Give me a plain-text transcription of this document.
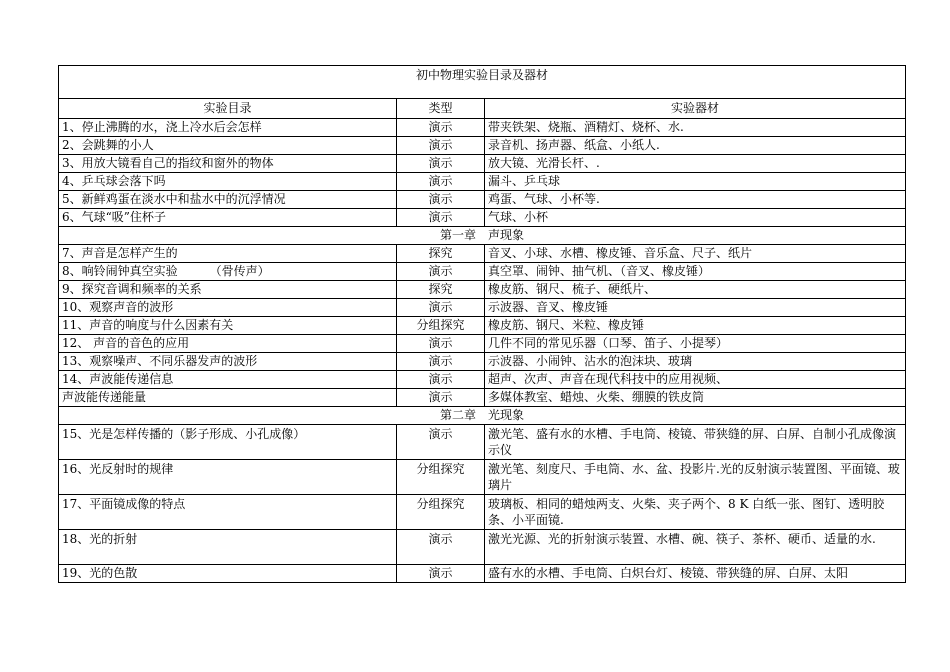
初中物理实验目录及器材		
实验目录	类型	实验器材
1、停止沸腾的水，浇上冷水后会怎样	演示	带夹铁架、烧瓶、酒精灯、烧杯、水.
2、会跳舞的小人	演示	录音机、扬声器、纸盒、小纸人.
3、用放大镜看自己的指纹和窗外的物体	演示	放大镜、光滑长杆、.
4、乒乓球会落下吗	演示	漏斗、乒乓球
5、新鲜鸡蛋在淡水中和盐水中的沉浮情况	演示	鸡蛋、气球、小杯等.
6、气球“吸”住杯子	演示	气球、小杯
第一章　声现象		
7、声音是怎样产生的	探究	音叉、小球、水槽、橡皮锤、音乐盒、尺子、纸片
8、响铃闹钟真空实验 （骨传声）	演示	真空罩、闹钟、抽气机、（音叉、橡皮锤）
9、探究音调和频率的关系	探究	橡皮筋、钢尺、梳子、硬纸片、
10、观察声音的波形	演示	示波器、音叉、橡皮锤
11、声音的响度与什么因素有关	分组探究	橡皮筋、钢尺、米粒、橡皮锤
12、 声音的音色的应用	演示	几件不同的常见乐器（口琴、笛子、小提琴）
13、观察噪声、不同乐器发声的波形	演示	示波器、小闹钟、沾水的泡沫块、玻璃
14、声波能传递信息	演示	超声、次声、声音在现代科技中的应用视频、
声波能传递能量	演示	多媒体教室、蜡烛、火柴、绷膜的铁皮筒
第二章　光现象		
15、光是怎样传播的（影子形成、小孔成像）	演示	激光笔、盛有水的水槽、手电筒、棱镜、带狭缝的屏、白屏、自制小孔成像演示仪
16、光反射时的规律	分组探究	激光笔、刻度尺、手电筒、水、盆、投影片.光的反射演示装置图、平面镜、玻璃片
17、平面镜成像的特点	分组探究	玻璃板、相同的蜡烛两支、火柴、夹子两个、8 K 白纸一张、图钉、透明胶条、小平面镜.
18、光的折射	演示	激光光源、光的折射演示装置、水槽、碗、筷子、茶杯、硬币、适量的水.
19、光的色散	演示	盛有水的水槽、手电筒、白炽台灯、棱镜、带狭缝的屏、白屏、太阳
